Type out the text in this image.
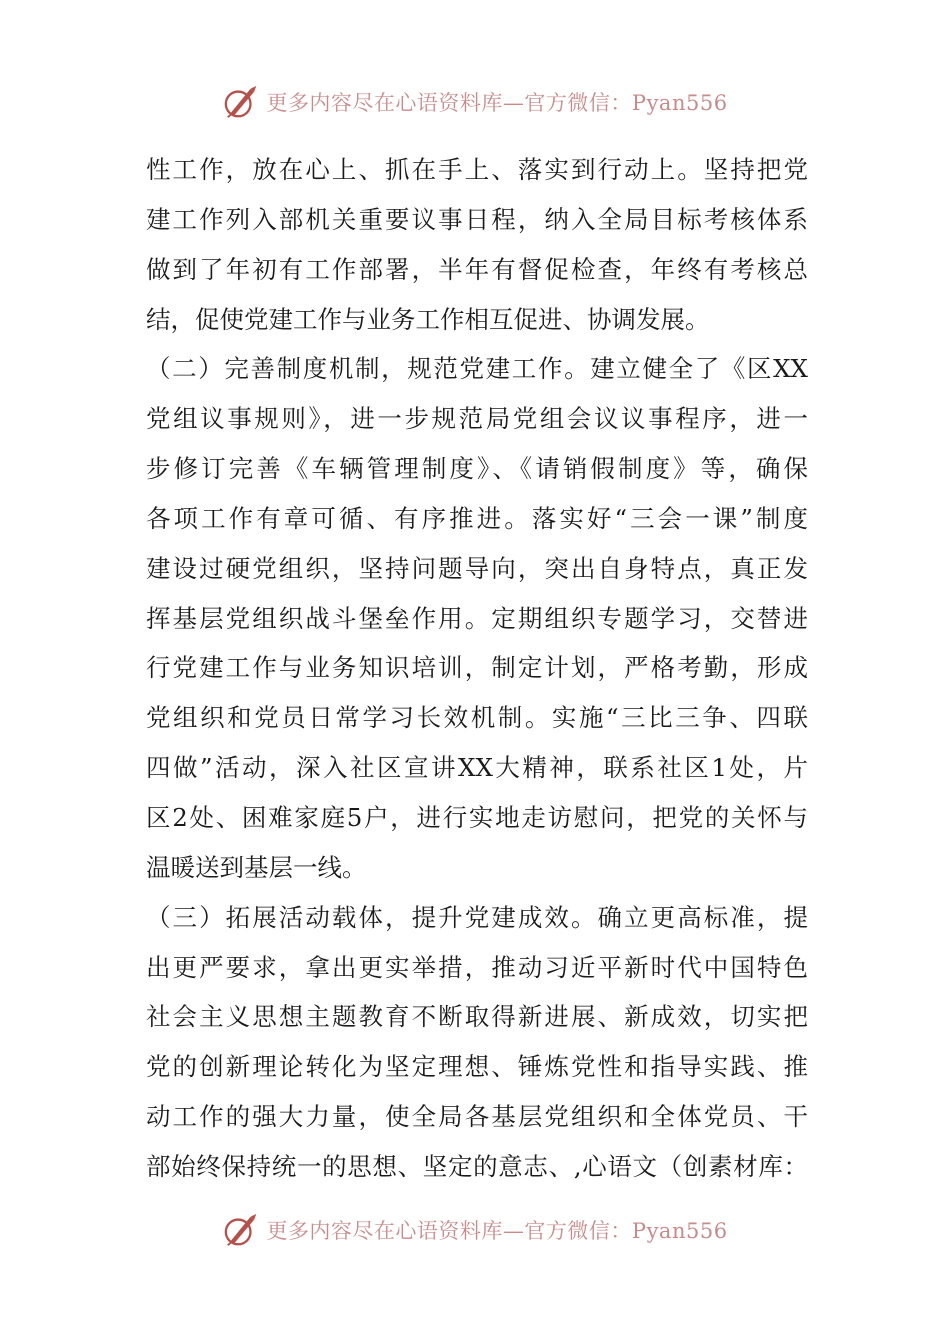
更多内容尽在心语资料库—官方微信：Pyan556
性工作，放在心上、抓在手上、落实到行动上。坚持把党
建工作列入部机关重要议事日程，纳入全局目标考核体系
做到了年初有工作部署，半年有督促检查，年终有考核总
结，促使党建工作与业务工作相互促进、协调发展。
（二）完善制度机制，规范党建工作。建立健全了《区XX
党组议事规则》，进一步规范局党组会议议事程序，进一
步修订完善《车辆管理制度》、《请销假制度》等，确保
各项工作有章可循、有序推进。落实好“三会一课”制度
建设过硬党组织，坚持问题导向，突出自身特点，真正发
挥基层党组织战斗堡垒作用。定期组织专题学习，交替进
行党建工作与业务知识培训，制定计划，严格考勤，形成
党组织和党员日常学习长效机制。实施“三比三争、四联
四做”活动，深入社区宣讲XX大精神，联系社区1处，片
区2处、困难家庭5户，进行实地走访慰问，把党的关怀与
温暖送到基层一线。
（三）拓展活动载体，提升党建成效。确立更高标准，提
出更严要求，拿出更实举措，推动习近平新时代中国特色
社会主义思想主题教育不断取得新进展、新成效，切实把
党的创新理论转化为坚定理想、锤炼党性和指导实践、推
动工作的强大力量，使全局各基层党组织和全体党员、干
部始终保持统一的思想、坚定的意志、,心语文（创素材库：
更多内容尽在心语资料库—官方微信：Pyan556
